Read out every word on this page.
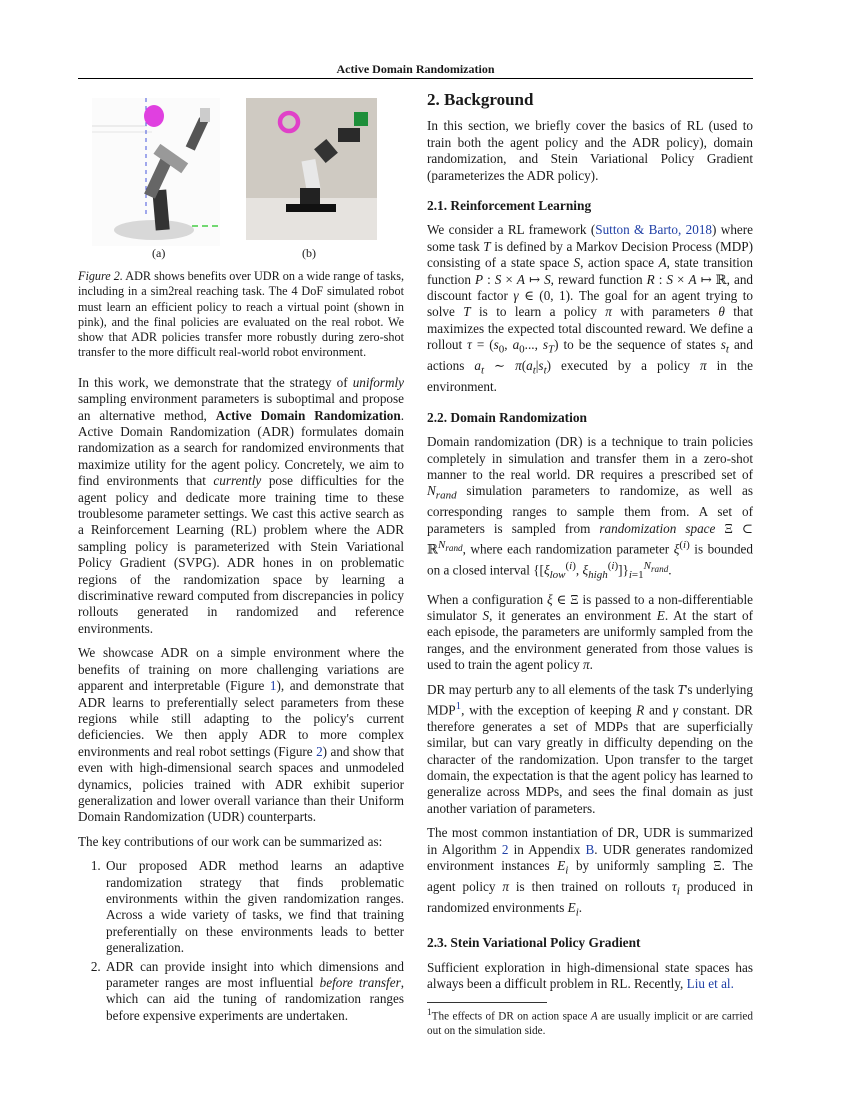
Active Domain Randomization
(a)	(b)
Figure 2. ADR shows benefits over UDR on a wide range of tasks, including in a sim2real reaching task. The 4 DoF simulated robot must learn an efficient policy to reach a virtual point (shown in pink), and the final policies are evaluated on the real robot. We show that ADR policies transfer more robustly during zero-shot transfer to the more difficult real-world robot environment.

In this work, we demonstrate that the strategy of uniformly sampling environment parameters is suboptimal and propose an alternative method, Active Domain Randomization. Active Domain Randomization (ADR) formulates domain randomization as a search for randomized environments that maximize utility for the agent policy. Concretely, we aim to find environments that currently pose difficulties for the agent policy and dedicate more training time to these troublesome parameter settings. We cast this active search as a Reinforcement Learning (RL) problem where the ADR sampling policy is parameterized with Stein Variational Policy Gradient (SVPG). ADR hones in on problematic regions of the randomization space by learning a discriminative reward computed from discrepancies in policy rollouts generated in randomized and reference environments.

We showcase ADR on a simple environment where the benefits of training on more challenging variations are apparent and interpretable (Figure 1), and demonstrate that ADR learns to preferentially select parameters from these regions while still adapting to the policy's current deficiencies. We then apply ADR to more complex environments and real robot settings (Figure 2) and show that even with high-dimensional search spaces and unmodeled dynamics, policies trained with ADR exhibit superior generalization and lower overall variance than their Uniform Domain Randomization (UDR) counterparts.

The key contributions of our work can be summarized as:

1. Our proposed ADR method learns an adaptive randomization strategy that finds problematic environments within the given randomization ranges. Across a wide variety of tasks, we find that training preferentially on these environments leads to better generalization.
2. ADR can provide insight into which dimensions and parameter ranges are most influential before transfer, which can aid the tuning of randomization ranges before expensive experiments are undertaken.
2. Background

In this section, we briefly cover the basics of RL (used to train both the agent policy and the ADR policy), domain randomization, and Stein Variational Policy Gradient (parameterizes the ADR policy).

2.1. Reinforcement Learning

We consider a RL framework (Sutton & Barto, 2018) where some task T is defined by a Markov Decision Process (MDP) consisting of a state space S, action space A, state transition function P : S × A ↦ S, reward function R : S × A ↦ ℝ, and discount factor γ ∈ (0, 1). The goal for an agent trying to solve T is to learn a policy π with parameters θ that maximizes the expected total discounted reward. We define a rollout $\tau = (s_0$, $a_0$..., $s_T$) to be the sequence of states $s_t$ and actions $a_t$ ∼ $\pi(a_t|s_t)$ executed by a policy π in the environment.

2.2. Domain Randomization

Domain randomization (DR) is a technique to train policies completely in simulation and transfer them in a zero-shot manner to the real world. DR requires a prescribed set of $N_{rand}$ simulation parameters to randomize, as well as corresponding ranges to sample them from. A set of parameters is sampled from randomization space Ξ ⊂ ℝ$^{N_{rand}}$, where each randomization parameter $\xi^{(i)}$ is bounded on a closed interval {[$\xi_{low}^{(i)}$, $\xi_{high}^{(i)}]\}_{i=1}^{N_{rand}}$.

When a configuration ξ ∈ Ξ is passed to a non-differentiable simulator S, it generates an environment E. At the start of each episode, the parameters are uniformly sampled from the ranges, and the environment generated from those values is used to train the agent policy π.

DR may perturb any to all elements of the task T's underlying MDP$^1$, with the exception of keeping R and γ constant. DR therefore generates a set of MDPs that are superficially similar, but can vary greatly in difficulty depending on the character of the randomization. Upon transfer to the target domain, the expectation is that the agent policy has learned to generalize across MDPs, and sees the final domain as just another variation of parameters.

The most common instantiation of DR, UDR is summarized in Algorithm 2 in Appendix B. UDR generates randomized environment instances $E_i$ by uniformly sampling Ξ. The agent policy π is then trained on rollouts $\tau_i$ produced in randomized environments $E_i$.

2.3. Stein Variational Policy Gradient

Sufficient exploration in high-dimensional state spaces has always been a difficult problem in RL. Recently, Liu et al.

$^1$The effects of DR on action space A are usually implicit or are carried out on the simulation side.
